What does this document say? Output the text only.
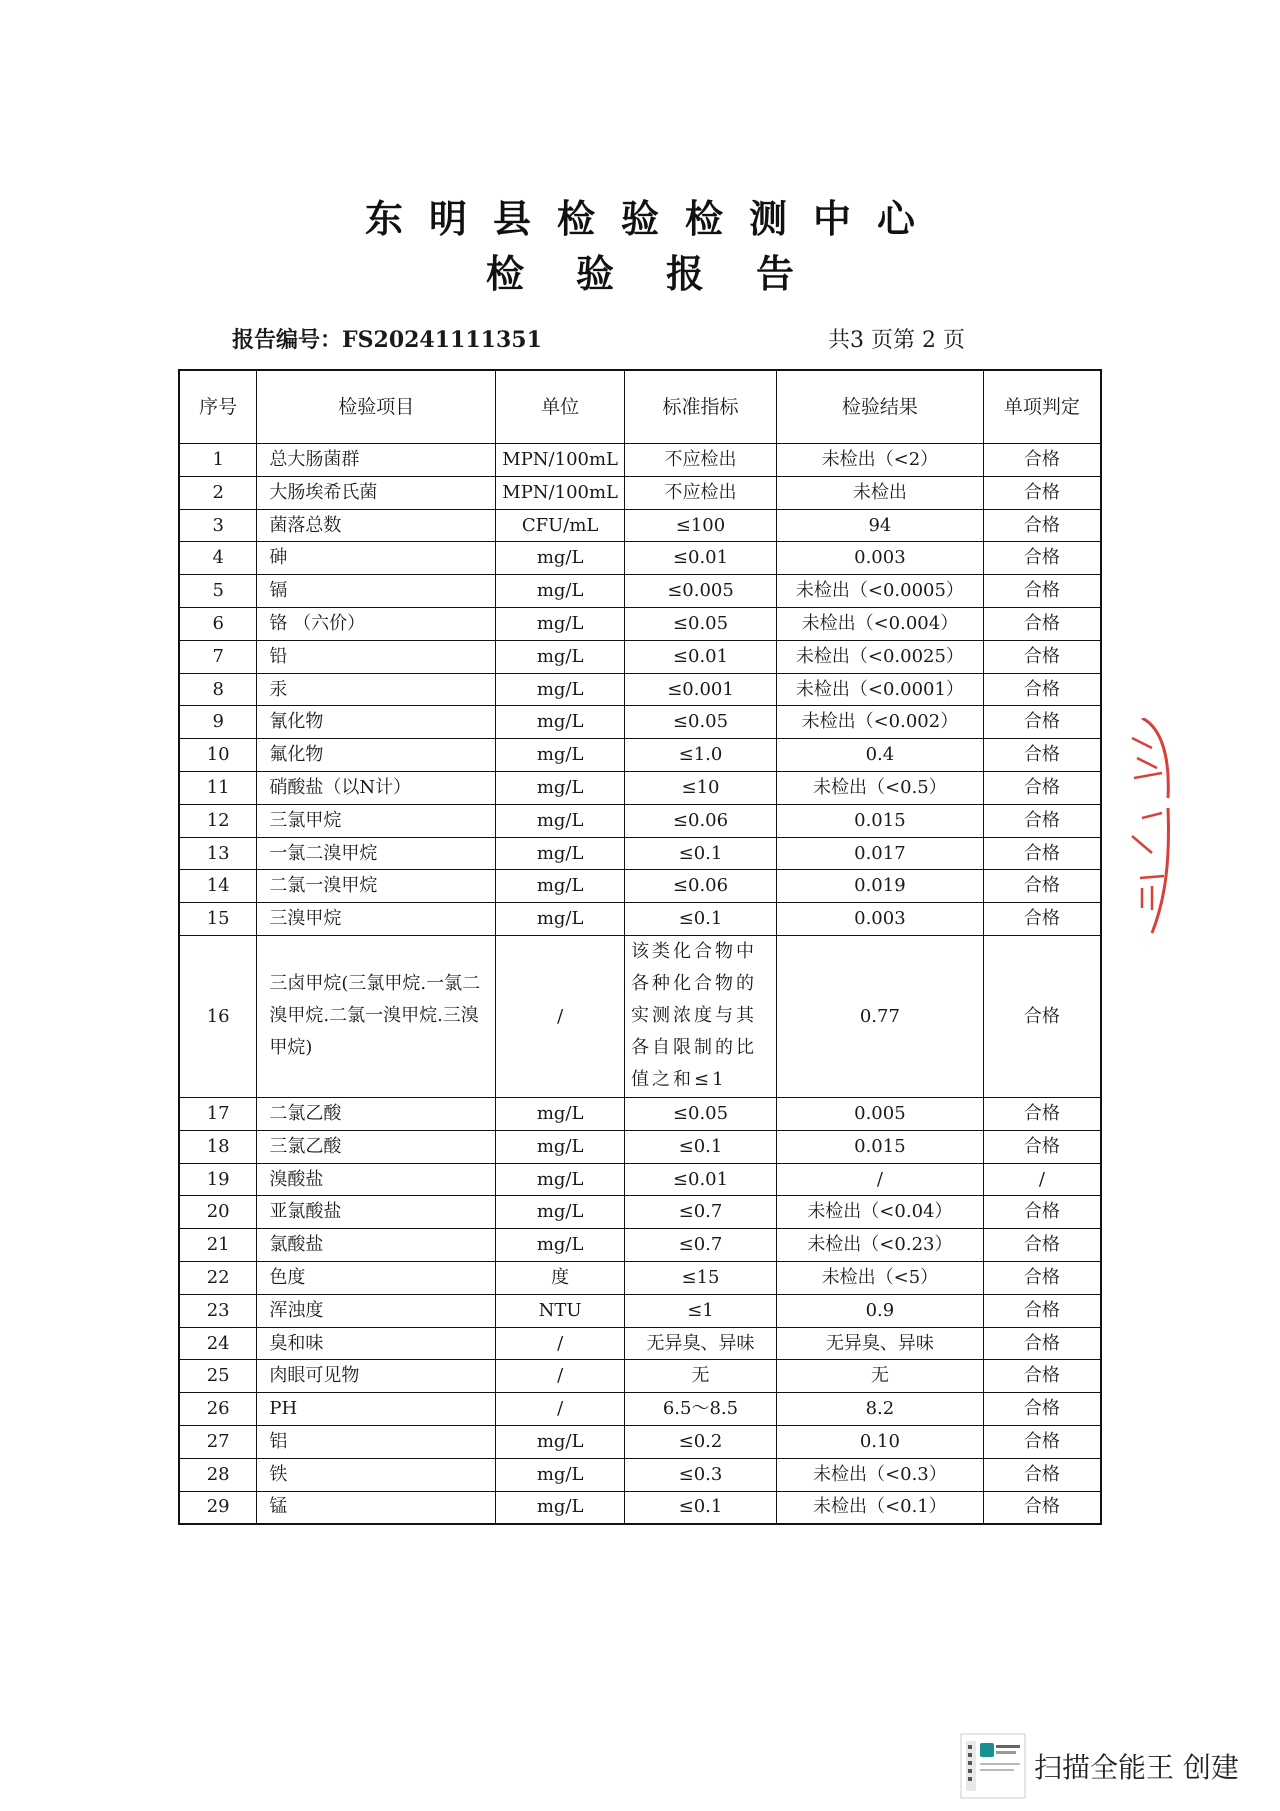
东明县检验检测中心
检验报告
报告编号：FS20241111351	共3 页第 2 页
序号	检验项目	单位	标准指标	检验结果	单项判定
1	总大肠菌群	MPN/100mL	不应检出	未检出（<2）	合格
2	大肠埃希氏菌	MPN/100mL	不应检出	未检出	合格
3	菌落总数	CFU/mL	≤100	94	合格
4	砷	mg/L	≤0.01	0.003	合格
5	镉	mg/L	≤0.005	未检出（<0.0005）	合格
6	铬 （六价）	mg/L	≤0.05	未检出（<0.004）	合格
7	铅	mg/L	≤0.01	未检出（<0.0025）	合格
8	汞	mg/L	≤0.001	未检出（<0.0001）	合格
9	氰化物	mg/L	≤0.05	未检出（<0.002）	合格
10	氟化物	mg/L	≤1.0	0.4	合格
11	硝酸盐（以N计）	mg/L	≤10	未检出（<0.5）	合格
12	三氯甲烷	mg/L	≤0.06	0.015	合格
13	一氯二溴甲烷	mg/L	≤0.1	0.017	合格
14	二氯一溴甲烷	mg/L	≤0.06	0.019	合格
15	三溴甲烷	mg/L	≤0.1	0.003	合格
16	三卤甲烷(三氯甲烷.一氯二溴甲烷.二氯一溴甲烷.三溴甲烷)	/	该类化合物中各种化合物的实测浓度与其各自限制的比值之和≤1	0.77	合格
17	二氯乙酸	mg/L	≤0.05	0.005	合格
18	三氯乙酸	mg/L	≤0.1	0.015	合格
19	溴酸盐	mg/L	≤0.01	/	/
20	亚氯酸盐	mg/L	≤0.7	未检出（<0.04）	合格
21	氯酸盐	mg/L	≤0.7	未检出（<0.23）	合格
22	色度	度	≤15	未检出（<5）	合格
23	浑浊度	NTU	≤1	0.9	合格
24	臭和味	/	无异臭、异味	无异臭、异味	合格
25	肉眼可见物	/	无	无	合格
26	PH	/	6.5～8.5	8.2	合格
27	铝	mg/L	≤0.2	0.10	合格
28	铁	mg/L	≤0.3	未检出（<0.3）	合格
29	锰	mg/L	≤0.1	未检出（<0.1）	合格
扫描全能王 创建
